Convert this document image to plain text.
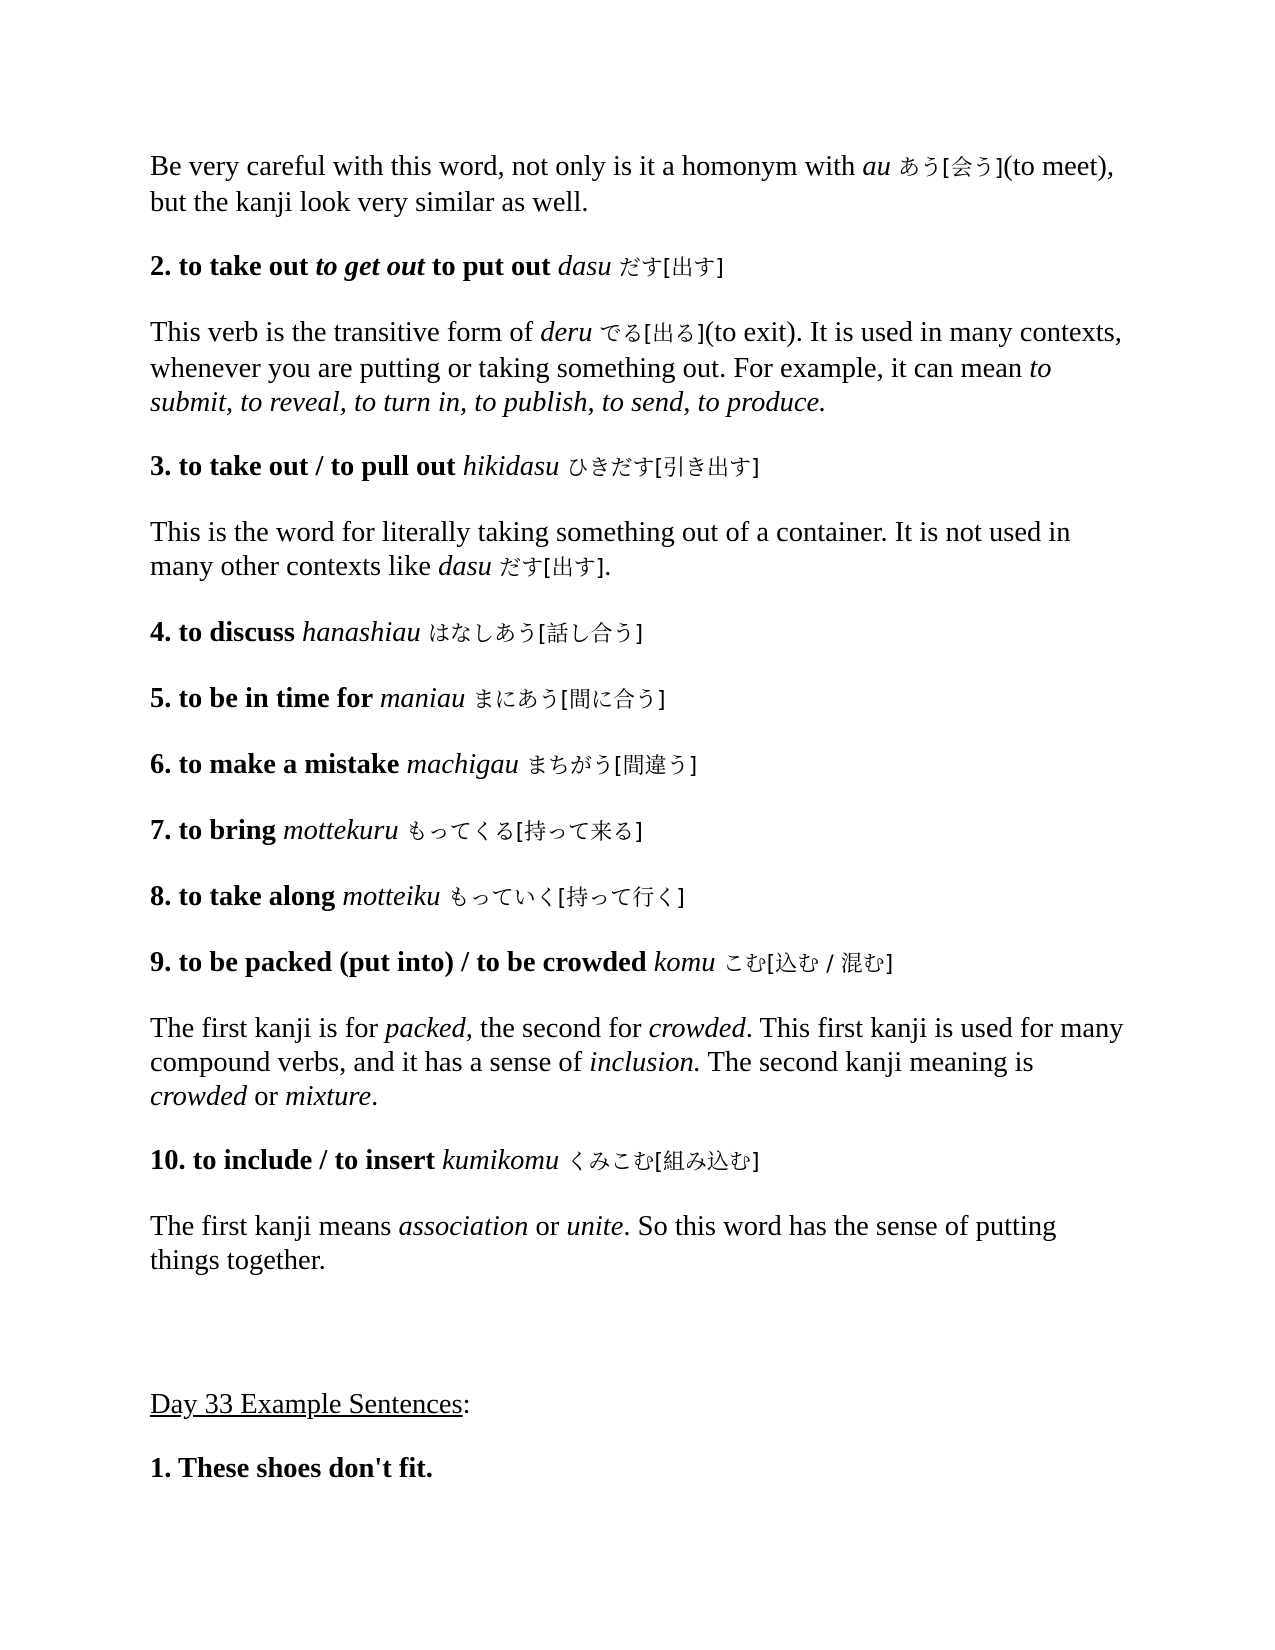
Be very careful with this word, not only is it a homonym with au あう[会う](to meet), but the kanji look very similar as well.
2. to take out to get out to put out dasu だす[出す]
This verb is the transitive form of deru でる[出る](to exit). It is used in many contexts, whenever you are putting or taking something out. For example, it can mean to submit, to reveal, to turn in, to publish, to send, to produce.
3. to take out / to pull out hikidasu ひきだす[引き出す]
This is the word for literally taking something out of a container. It is not used in many other contexts like dasu だす[出す].
4. to discuss hanashiau はなしあう[話し合う]
5. to be in time for maniau まにあう[間に合う]
6. to make a mistake machigau まちがう[間違う]
7. to bring mottekuru もってくる[持って来る]
8. to take along motteiku もっていく[持って行く]
9. to be packed (put into) / to be crowded komu こむ[込む / 混む]
The first kanji is for packed, the second for crowded. This first kanji is used for many compound verbs, and it has a sense of inclusion. The second kanji meaning is crowded or mixture.
10. to include / to insert kumikomu くみこむ[組み込む]
The first kanji means association or unite. So this word has the sense of putting things together.
Day 33 Example Sentences:
1. These shoes don't fit.
